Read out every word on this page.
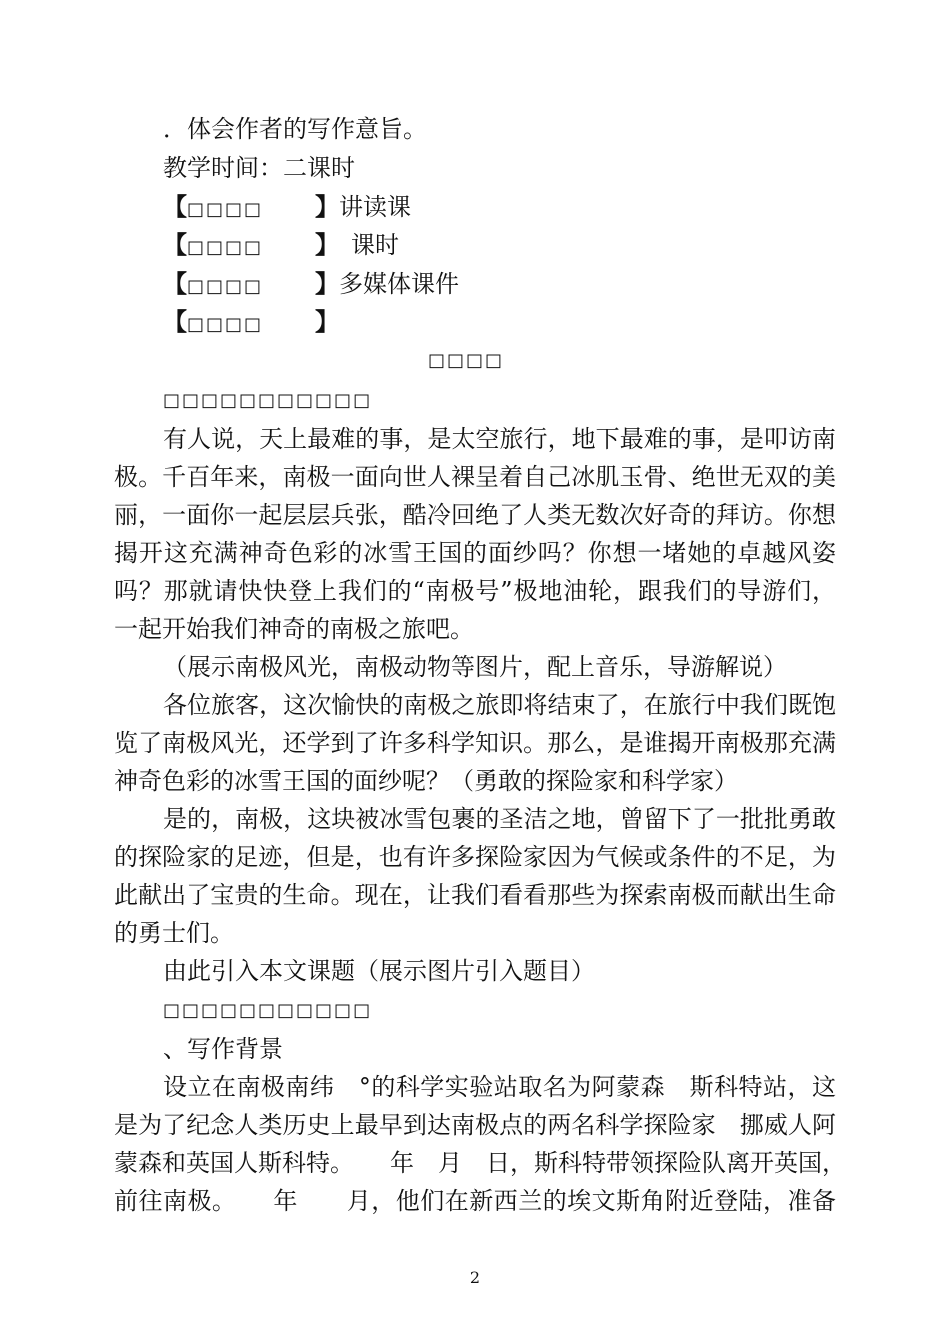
．体会作者的写作意旨。
教学时间：二课时
【□□□□ 】讲读课
【□□□□ 】　课时
【□□□□ 】多媒体课件
【□□□□ 】
□□□□
□□□□□□□□□□□
有人说，天上最难的事，是太空旅行，地下最难的事，是叩访南
极。千百年来，南极一面向世人裸呈着自己冰肌玉骨、绝世无双的美
丽，一面你一起层层兵张，酷冷回绝了人类无数次好奇的拜访。你想
揭开这充满神奇色彩的冰雪王国的面纱吗？你想一堵她的卓越风姿
吗？那就请快快登上我们的“南极号”极地油轮，跟我们的导游们，
一起开始我们神奇的南极之旅吧。
（展示南极风光，南极动物等图片，配上音乐，导游解说）
各位旅客，这次愉快的南极之旅即将结束了，在旅行中我们既饱
览了南极风光，还学到了许多科学知识。那么，是谁揭开南极那充满
神奇色彩的冰雪王国的面纱呢？（勇敢的探险家和科学家）
是的，南极，这块被冰雪包裹的圣洁之地，曾留下了一批批勇敢
的探险家的足迹，但是，也有许多探险家因为气候或条件的不足，为
此献出了宝贵的生命。现在，让我们看看那些为探索南极而献出生命
的勇士们。
由此引入本文课题（展示图片引入题目）
□□□□□□□□□□□
、写作背景
设立在南极南纬　°的科学实验站取名为阿蒙森　斯科特站，这
是为了纪念人类历史上最早到达南极点的两名科学探险家　挪威人阿
蒙森和英国人斯科特。　　年　月　日，斯科特带领探险队离开英国，
前往南极。　　年　　月，他们在新西兰的埃文斯角附近登陆，准备
2
